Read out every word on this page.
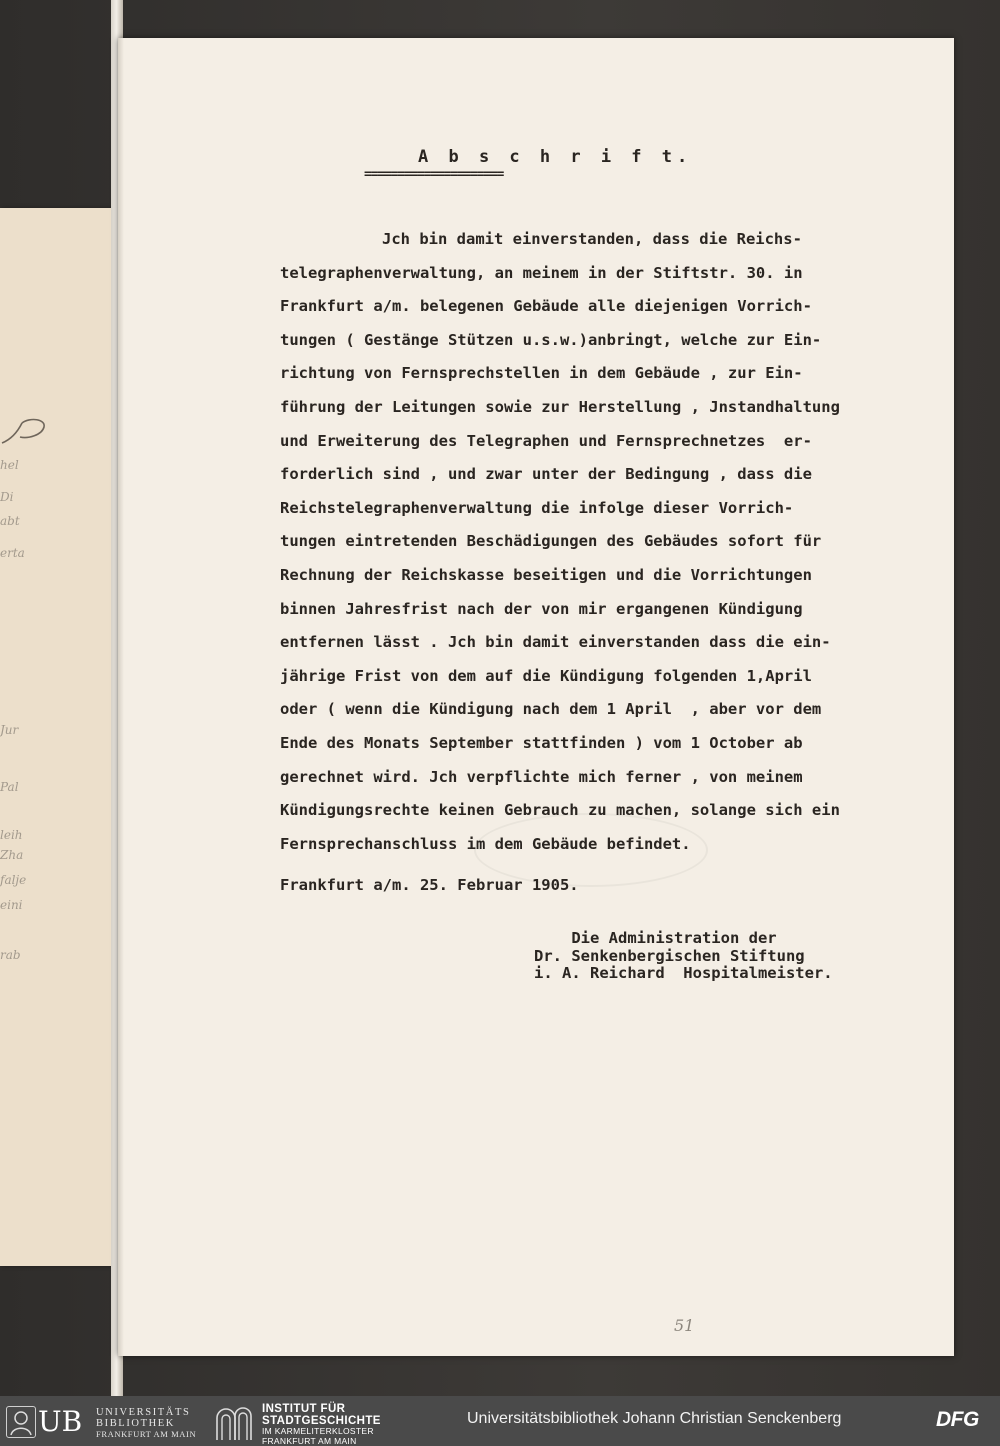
hel
Di
abt
erta
Jur
Pal
leih
Zha
falje
eini
rab
A b s c h r i f t.
=====================
Jch bin damit einverstanden, dass die Reichs-
telegraphenverwaltung, an meinem in der Stiftstr. 30. in
Frankfurt a/m. belegenen Gebäude alle diejenigen Vorrich-
tungen ( Gestänge Stützen u.s.w.)anbringt, welche zur Ein-
richtung von Fernsprechstellen in dem Gebäude , zur Ein-
führung der Leitungen sowie zur Herstellung , Jnstandhaltung
und Erweiterung des Telegraphen und Fernsprechnetzes  er-
forderlich sind , und zwar unter der Bedingung , dass die
Reichstelegraphenverwaltung die infolge dieser Vorrich-
tungen eintretenden Beschädigungen des Gebäudes sofort für
Rechnung der Reichskasse beseitigen und die Vorrichtungen
binnen Jahresfrist nach der von mir ergangenen Kündigung
entfernen lässt . Jch bin damit einverstanden dass die ein-
jährige Frist von dem auf die Kündigung folgenden 1,April
oder ( wenn die Kündigung nach dem 1 April  , aber vor dem
Ende des Monats September stattfinden ) vom 1 October ab
gerechnet wird. Jch verpflichte mich ferner , von meinem
Kündigungsrechte keinen Gebrauch zu machen, solange sich ein
Fernsprechanschluss im dem Gebäude befindet.
Frankfurt a/m. 25. Februar 1905.
Die Administration der
Dr. Senkenbergischen Stiftung
i. A. Reichard  Hospitalmeister.
51
UB UNIVERSITÄTS
BIBLIOTHEK
FRANKFURT AM MAIN
INSTITUT FÜR
STADTGESCHICHTE
IM KARMELITERKLOSTER
FRANKFURT AM MAIN
Universitätsbibliothek Johann Christian Senckenberg	DFG
